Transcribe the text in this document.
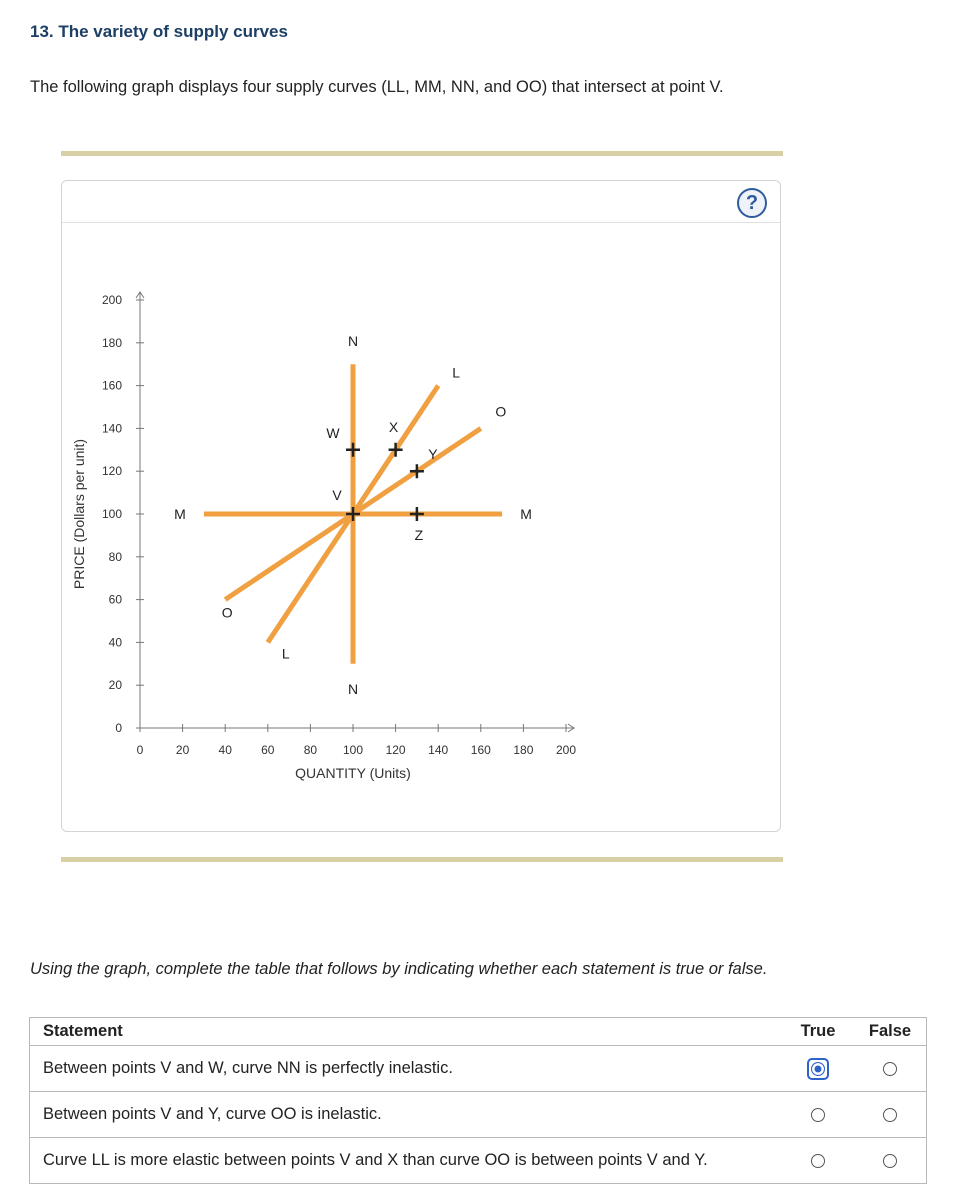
13. The variety of supply curves
The following graph displays four supply curves (LL, MM, NN, and OO) that intersect at point V.
?
0
20
40
60
80
100
120
140
160
180
200
0	20 40 60 80 100 120 140 160 180 200
QUANTITY (Units)
PRICE (Dollars per unit)
L
L
M
M
N
N
O
O
V
W	X
Y
Z
Using the graph, complete the table that follows by indicating whether each statement is true or false.
Statement	True	False
Between points V and W, curve NN is perfectly inelastic.		
Between points V and Y, curve OO is inelastic.		
Curve LL is more elastic between points V and X than curve OO is between points V and Y.		
